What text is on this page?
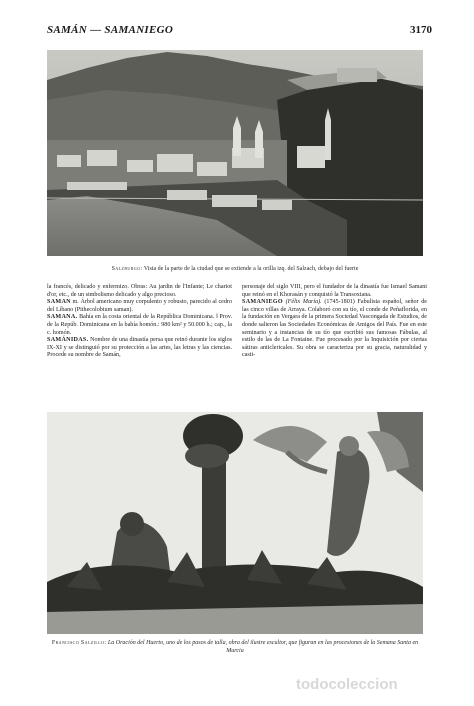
SAMÁN — SAMANIEGO	3170
Salzburgo: Vista de la parte de la ciudad que se extiende a la orilla izq. del Salzach, debajo del fuerte

la francés, delicado y enfermizo. Obras: Au jardin de l'Infante; Le chariot d'or, etc., de un simbolismo delicado y algo precioso.

SAMAN m. Árbol americano muy corpulento y robusto, parecido al cedro del Líbano (Pithecolobium saman).

SAMANA. Bahía en la costa oriental de la República Dominicana. ‖ Prov. de la Repúb. Dominicana en la bahía homón.: 980 km² y 50.000 h.; cap., la c. homón.

SAMÁNIDAS. Nombre de una dinastía persa que reinó durante los siglos IX-XI y se distinguió por su protección a las artes, las letras y las ciencias. Procede su nombre de Samán,

personaje del siglo VIII, pero el fundador de la dinastía fue Ismael Samani que reinó en el Khorasán y conquistó la Transoxiana.

SAMANIEGO (Félix María). (1745-1801) Fabulista español, señor de las cinco villas de Arraya. Colaboró con su tío, el conde de Peñaflorida, en la fundación en Vergara de la primera Sociedad Vascongada de Estudios, de donde salieron las Sociedades Económicas de Amigos del País. Fue en este seminario y a instancias de su tío que escribió sus famosas Fábulas, al estilo de las de La Fontaine. Fue procesado por la Inquisición por ciertas sátiras anticlericales. Su obra se caracteriza por su gracia, naturalidad y casti-

Francisco Salzillo: La Oración del Huerto, uno de los pasos de talla, obra del ilustre escultor, que figuran en las procesiones de la Semana Santa en Murcia
todocoleccion
